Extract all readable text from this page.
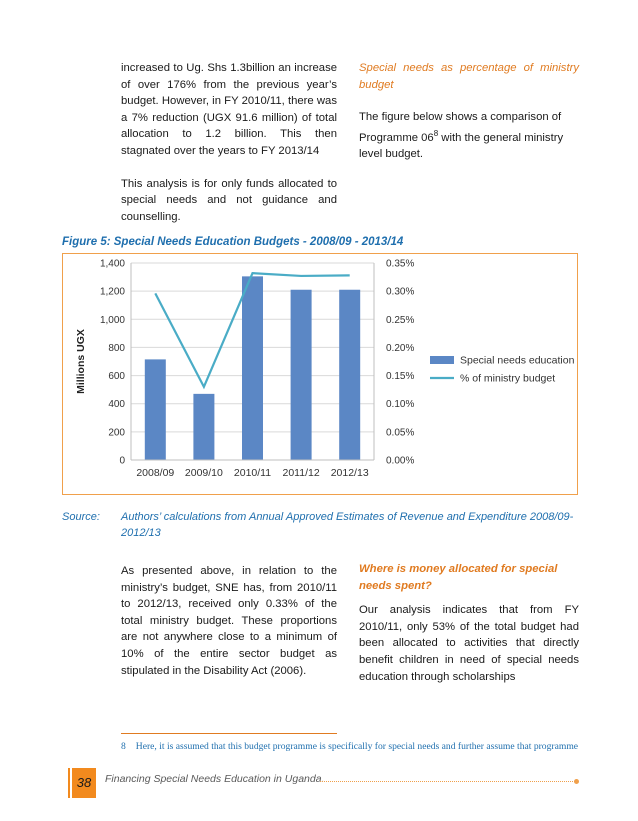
increased to Ug. Shs 1.3billion an increase of over 176% from the previous year’s budget. However, in FY 2010/11, there was a 7% reduction (UGX 91.6 million) of total allocation to 1.2 billion. This then stagnated over the years to FY 2013/14

This analysis is for only funds allocated to special needs and not guidance and counselling.

Special needs as percentage of ministry budget

The figure below shows a comparison of Programme $06^8$ with the general ministry level budget.

Figure 5: Special Needs Education Budgets - 2008/09 - 2013/14
0	0.00%
200	0.05%
400	0.10%
600	0.15%
800	0.20%
1,000	0.25%
1,200	0.30%
1,400	0.35%
2008/09 2009/10 2010/11 2011/12 2012/13
Millions UGX	Special needs education
% of ministry budget
Source: Authors’ calculations from Annual Approved Estimates of Revenue and Expenditure 2008/09-2012/13

As presented above, in relation to the ministry’s budget, SNE has, from 2010/11 to 2012/13, received only 0.33% of the total ministry budget. These proportions are not anywhere close to a minimum of 10% of the entire sector budget as stipulated in the Disability Act (2006).

Where is money allocated for special needs spent?

Our analysis indicates that from FY 2010/11, only 53% of the total budget had been allocated to activities that directly benefit children in need of special needs education through scholarships

8 Here, it is assumed that this budget programme is specifically for special needs and further assume that programme
38	Financing Special Needs Education in Uganda.
